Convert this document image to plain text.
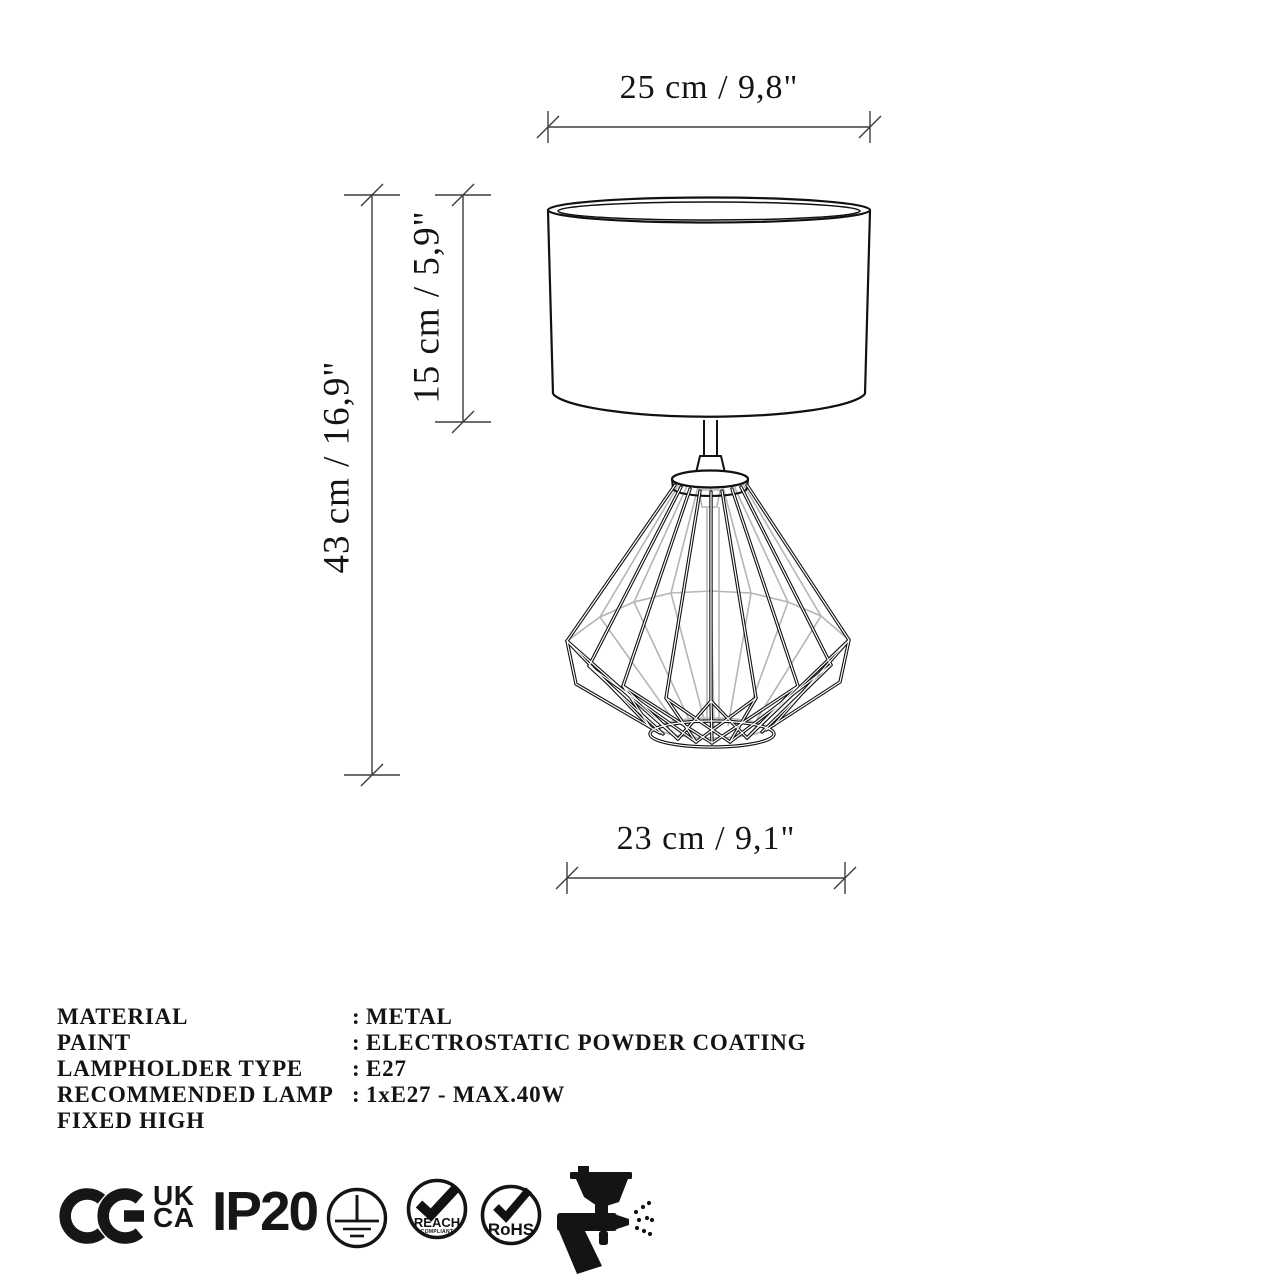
25 cm / 9,8"
43 cm / 16,9"
15 cm / 5,9"
23 cm / 9,1"
MATERIAL	: METAL
PAINT	: ELECTROSTATIC POWDER COATING
LAMPHOLDER TYPE : E27
RECOMMENDED LAMP : 1xE27 - MAX.40W
FIXED HIGH
UK
CA IP20	REACH
COMPLIANT RoHS
